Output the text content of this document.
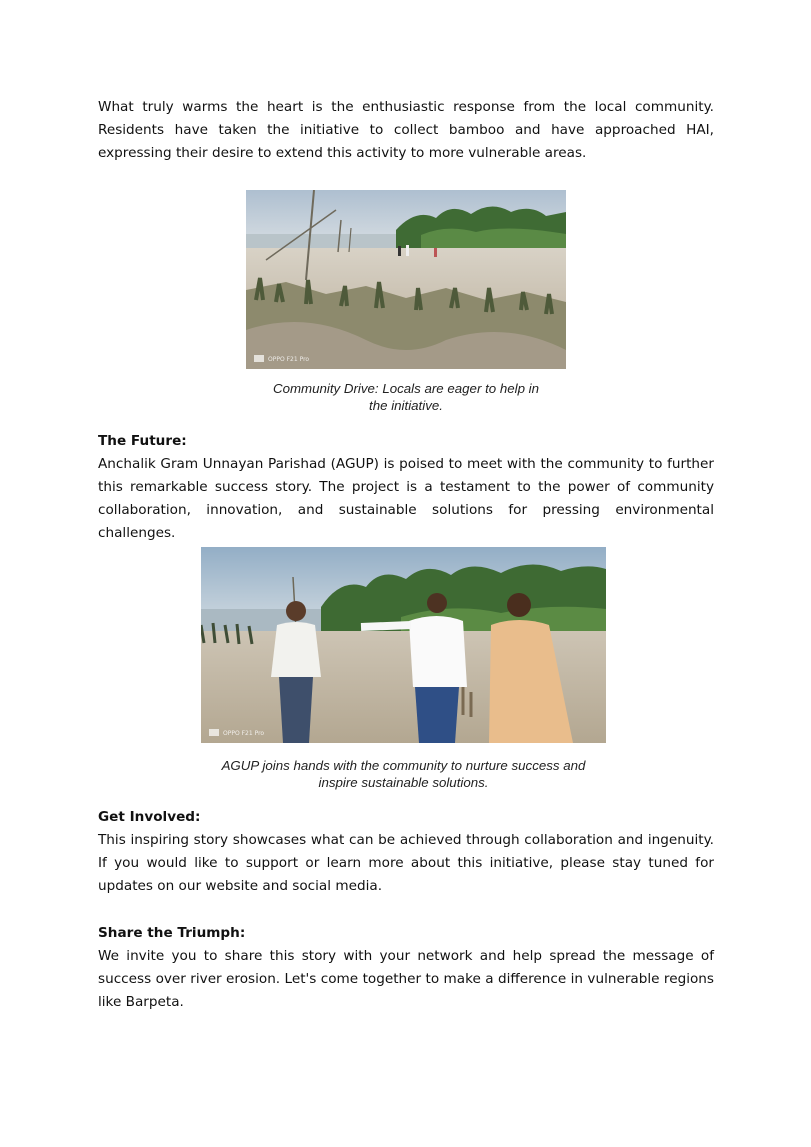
What truly warms the heart is the enthusiastic response from the local community. Residents have taken the initiative to collect bamboo and have approached HAI, expressing their desire to extend this activity to more vulnerable areas.

OPPO F21 Pro

Community Drive: Locals are eager to help in
the initiative.

The Future:
Anchalik Gram Unnayan Parishad (AGUP) is poised to meet with the community to further this remarkable success story. The project is a testament to the power of community collaboration, innovation, and sustainable solutions for pressing environmental challenges.
OPPO F21 Pro

AGUP joins hands with the community to nurture success and
inspire sustainable solutions.

Get Involved:
This inspiring story showcases what can be achieved through collaboration and ingenuity. If you would like to support or learn more about this initiative, please stay tuned for updates on our website and social media.
Share the Triumph:
We invite you to share this story with your network and help spread the message of success over river erosion. Let's come together to make a difference in vulnerable regions like Barpeta.
